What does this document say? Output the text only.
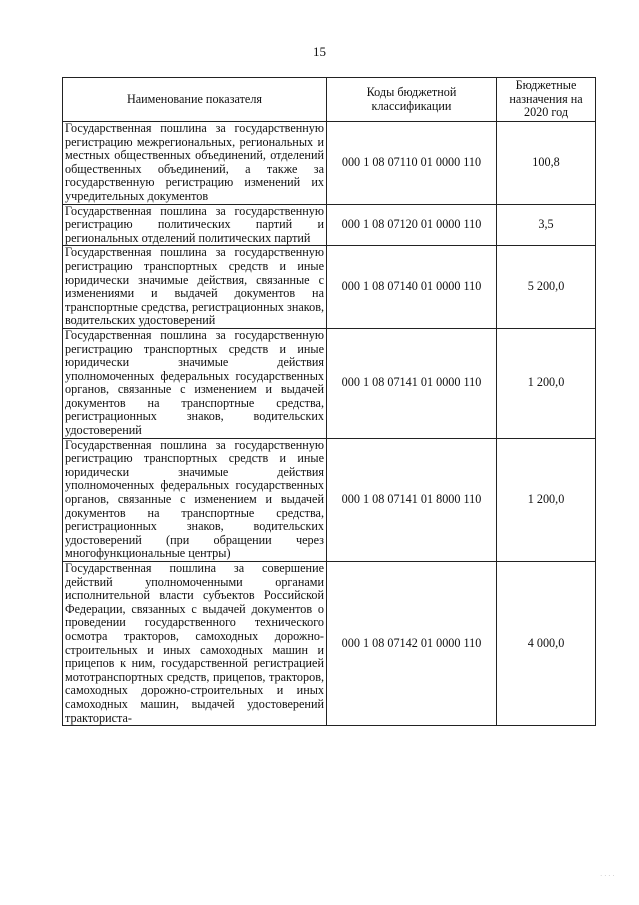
15
Наименование показателя	Коды бюджетной классификации	Бюджетные назначения на 2020 год
Государственная пошлина за государственную регистрацию межрегиональных, региональных и местных общественных объединений, отделений общественных объединений, а также за государственную регистрацию изменений их учредительных документов	000 1 08 07110 01 0000 110	100,8
Государственная пошлина за государственную регистрацию политических партий и региональных отделений политических партий	000 1 08 07120 01 0000 110	3,5
Государственная пошлина за государственную регистрацию транспортных средств и иные юридически значимые действия, связанные с изменениями и выдачей документов на транспортные средства, регистрационных знаков, водительских удостоверений	000 1 08 07140 01 0000 110	5 200,0
Государственная пошлина за государственную регистрацию транспортных средств и иные юридически значимые действия уполномоченных федеральных государственных органов, связанные с изменением и выдачей документов на транспортные средства, регистрационных знаков, водительских удостоверений	000 1 08 07141 01 0000 110	1 200,0
Государственная пошлина за государственную регистрацию транспортных средств и иные юридически значимые действия уполномоченных федеральных государственных органов, связанные с изменением и выдачей документов на транспортные средства, регистрационных знаков, водительских удостоверений (при обращении через многофункциональные центры)	000 1 08 07141 01 8000 110	1 200,0
Государственная пошлина за совершение действий уполномоченными органами исполнительной власти субъектов Российской Федерации, связанных с выдачей документов о проведении государственного технического осмотра тракторов, самоходных дорожно-строительных и иных самоходных машин и прицепов к ним, государственной регистрацией мототранспортных средств, прицепов, тракторов, самоходных дорожно-строительных и иных самоходных машин, выдачей удостоверений тракториста-	000 1 08 07142 01 0000 110	4 000,0
· · · ·
